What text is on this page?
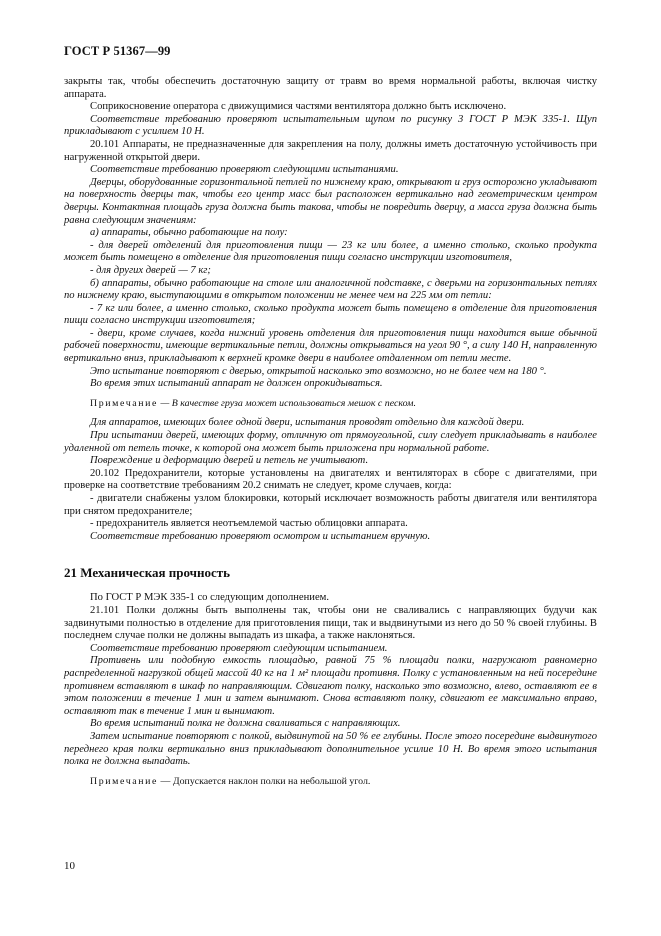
ГОСТ Р 51367—99

закрыты так, чтобы обеспечить достаточную защиту от травм во время нормальной работы, включая чистку аппарата.

Соприкосновение оператора с движущимися частями вентилятора должно быть исключено.

Соответствие требованию проверяют испытательным щупом по рисунку 3 ГОСТ Р МЭК 335-1. Щуп прикладывают с усилием 10 Н.

20.101 Аппараты, не предназначенные для закрепления на полу, должны иметь достаточную устойчивость при нагруженной открытой двери.

Соответствие требованию проверяют следующими испытаниями.

Дверцы, оборудованные горизонтальной петлей по нижнему краю, открывают и груз осторожно укладывают на поверхность дверцы так, чтобы его центр масс был расположен вертикально над геометрическим центром дверцы. Контактная площадь груза должна быть такова, чтобы не повредить дверцу, а масса груза должна быть равна следующим значениям:

а) аппараты, обычно работающие на полу:

- для дверей отделений для приготовления пищи — 23 кг или более, а именно столько, сколько продукта может быть помещено в отделение для приготовления пищи согласно инструкции изготовителя,

- для других дверей — 7 кг;

б) аппараты, обычно работающие на столе или аналогичной подставке, с дверьми на горизонтальных петлях по нижнему краю, выступающими в открытом положении не менее чем на 225 мм от петли:

- 7 кг или более, а именно столько, сколько продукта может быть помещено в отделение для приготовления пищи согласно инструкции изготовителя;

- двери, кроме случаев, когда нижний уровень отделения для приготовления пищи находится выше обычной рабочей поверхности, имеющие вертикальные петли, должны открываться на угол 90 °, а силу 140 Н, направленную вертикально вниз, прикладывают к верхней кромке двери в наиболее отдаленном от петли месте.

Это испытание повторяют с дверью, открытой насколько это возможно, но не более чем на 180 °.

Во время этих испытаний аппарат не должен опрокидываться.

Примечание — В качестве груза может использоваться мешок с песком.

Для аппаратов, имеющих более одной двери, испытания проводят отдельно для каждой двери.

При испытании дверей, имеющих форму, отличную от прямоугольной, силу следует прикладывать в наиболее удаленной от петель точке, к которой она может быть приложена при нормальной работе.

Повреждение и деформацию дверей и петель не учитывают.

20.102 Предохранители, которые установлены на двигателях и вентиляторах в сборе с двигателями, при проверке на соответствие требованиям 20.2 снимать не следует, кроме случаев, когда:

- двигатели снабжены узлом блокировки, который исключает возможность работы двигателя или вентилятора при снятом предохранителе;

- предохранитель является неотъемлемой частью облицовки аппарата.

Соответствие требованию проверяют осмотром и испытанием вручную.

21 Механическая прочность

По ГОСТ Р МЭК 335-1 со следующим дополнением.

21.101 Полки должны быть выполнены так, чтобы они не сваливались с направляющих будучи как задвинутыми полностью в отделение для приготовления пищи, так и выдвинутыми из него до 50 % своей глубины. В последнем случае полки не должны выпадать из шкафа, а также наклоняться.

Соответствие требованию проверяют следующим испытанием.

Противень или подобную емкость площадью, равной 75 % площади полки, нагружают равномерно распределенной нагрузкой общей массой 40 кг на 1 м² площади противня. Полку с установленным на ней посередине противнем вставляют в шкаф по направляющим. Сдвигают полку, насколько это возможно, влево, оставляют ее в этом положении в течение 1 мин и затем вынимают. Снова вставляют полку, сдвигают ее максимально вправо, оставляют так в течение 1 мин и вынимают.

Во время испытаний полка не должна сваливаться с направляющих.

Затем испытание повторяют с полкой, выдвинутой на 50 % ее глубины. После этого посередине выдвинутого переднего края полки вертикально вниз прикладывают дополнительное усилие 10 Н. Во время этого испытания полка не должна выпадать.

Примечание — Допускается наклон полки на небольшой угол.

10
